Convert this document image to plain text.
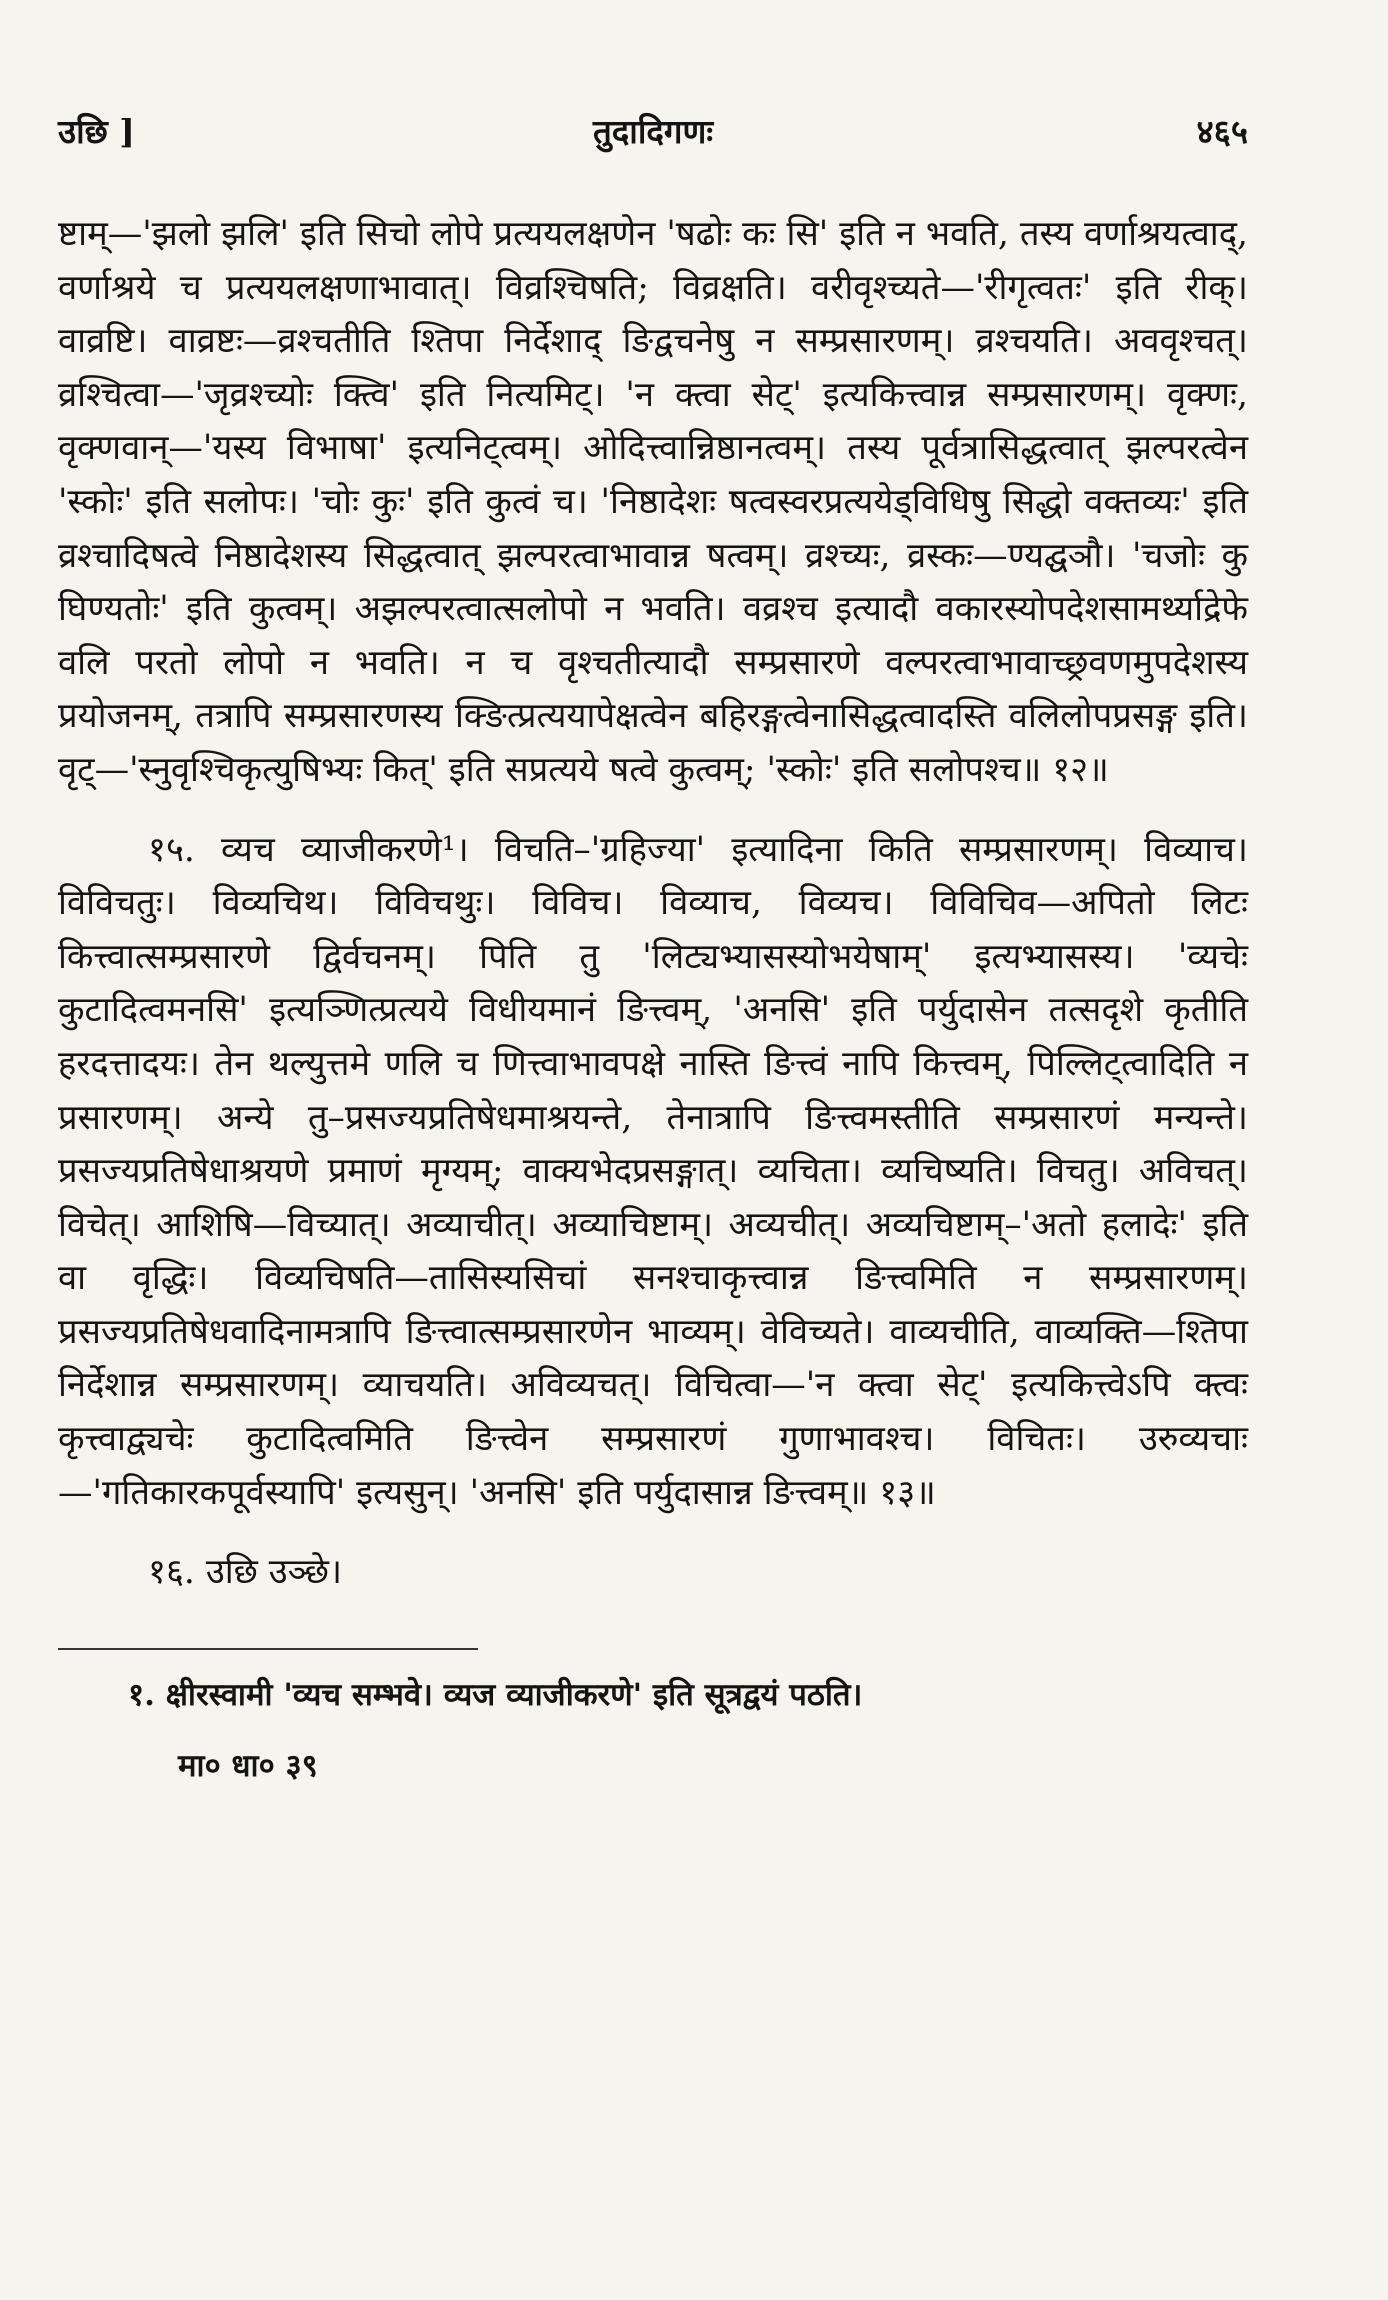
उछि ]	तुदादिगणः	४६५

ष्टाम्—'झलो झलि' इति सिचो लोपे प्रत्ययलक्षणेन 'षढोः कः सि' इति न भवति, तस्य वर्णाश्रयत्वाद्, वर्णाश्रये च प्रत्ययलक्षणाभावात्। विव्रश्चिषति; विव्रक्षति। वरीवृश्च्यते—'रीगृत्वतः' इति रीक्। वाव्रष्टि। वाव्रष्टः—व्रश्चतीति श्तिपा निर्देशाद् ङिद्वचनेषु न सम्प्रसारणम्। व्रश्चयति। अववृश्चत्। व्रश्चित्वा—'जृव्रश्च्योः क्त्वि' इति नित्यमिट्। 'न क्त्वा सेट्' इत्यकित्त्वान्न सम्प्रसारणम्। वृक्णः, वृक्णवान्—'यस्य विभाषा' इत्यनिट्त्वम्। ओदित्त्वान्निष्ठानत्वम्। तस्य पूर्वत्रासिद्धत्वात् झल्परत्वेन 'स्कोः' इति सलोपः। 'चोः कुः' इति कुत्वं च। 'निष्ठादेशः षत्वस्वरप्रत्ययेड्विधिषु सिद्धो वक्तव्यः' इति व्रश्चादिषत्वे निष्ठादेशस्य सिद्धत्वात् झल्परत्वाभावान्न षत्वम्। व्रश्च्यः, व्रस्कः—ण्यद्घञौ। 'चजोः कु घिण्यतोः' इति कुत्वम्। अझल्परत्वात्सलोपो न भवति। वव्रश्च इत्यादौ वकारस्योपदेशसामर्थ्याद्रेफे वलि परतो लोपो न भवति। न च वृश्चतीत्यादौ सम्प्रसारणे वल्परत्वाभावाच्छ्रवणमुपदेशस्य प्रयोजनम्, तत्रापि सम्प्रसारणस्य क्ङित्प्रत्ययापेक्षत्वेन बहिरङ्गत्वेनासिद्धत्वादस्ति वलिलोपप्रसङ्ग इति। वृट्—'स्नुवृश्चिकृत्युषिभ्यः कित्' इति सप्रत्यये षत्वे कुत्वम्; 'स्कोः' इति सलोपश्च॥ १२॥

१५. व्यच व्याजीकरणे¹। विचति–'ग्रहिज्या' इत्यादिना किति सम्प्रसारणम्। विव्याच। विविचतुः। विव्यचिथ। विविचथुः। विविच। विव्याच, विव्यच। विविचिव—अपितो लिटः कित्त्वात्सम्प्रसारणे द्विर्वचनम्। पिति तु 'लिट्यभ्यासस्योभयेषाम्' इत्यभ्यासस्य। 'व्यचेः कुटादित्वमनसि' इत्यञ्णित्प्रत्यये विधीयमानं ङित्त्वम्, 'अनसि' इति पर्युदासेन तत्सदृशे कृतीति हरदत्तादयः। तेन थल्युत्तमे णलि च णित्त्वाभावपक्षे नास्ति ङित्त्वं नापि कित्त्वम्, पिल्लिट्त्वादिति न प्रसारणम्। अन्ये तु–प्रसज्यप्रतिषेधमाश्रयन्ते, तेनात्रापि ङित्त्वमस्तीति सम्प्रसारणं मन्यन्ते। प्रसज्यप्रतिषेधाश्रयणे प्रमाणं मृग्यम्; वाक्यभेदप्रसङ्गात्। व्यचिता। व्यचिष्यति। विचतु। अविचत्। विचेत्। आशिषि—विच्यात्। अव्याचीत्। अव्याचिष्टाम्। अव्यचीत्। अव्यचिष्टाम्–'अतो हलादेः' इति वा वृद्धिः। विव्यचिषति—तासिस्यसिचां सनश्चाकृत्त्वान्न ङित्त्वमिति न सम्प्रसारणम्। प्रसज्यप्रतिषेधवादिनामत्रापि ङित्त्वात्सम्प्रसारणेन भाव्यम्। वेविच्यते। वाव्यचीति, वाव्यक्ति—श्तिपा निर्देशान्न सम्प्रसारणम्। व्याचयति। अविव्यचत्। विचित्वा—'न क्त्वा सेट्' इत्यकित्त्वेऽपि क्त्वः कृत्त्वाद्व्यचेः कुटादित्वमिति ङित्त्वेन सम्प्रसारणं गुणाभावश्च। विचितः। उरुव्यचाः—'गतिकारकपूर्वस्यापि' इत्यसुन्। 'अनसि' इति पर्युदासान्न ङित्त्वम्॥ १३॥

१६. उछि उञ्छे।

१. क्षीरस्वामी 'व्यच सम्भवे। व्यज व्याजीकरणे' इति सूत्रद्वयं पठति।
मा० धा० ३९
